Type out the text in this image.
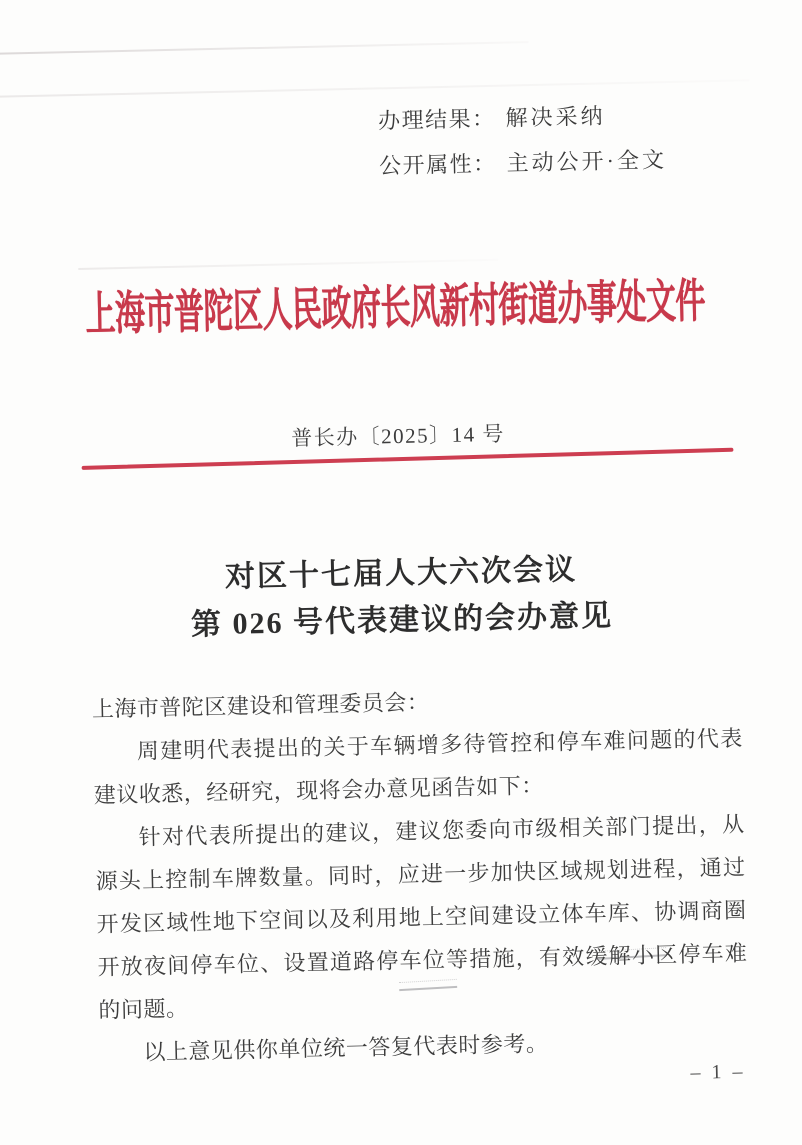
办理结果： 解决采纳
公开属性： 主动公开·全文
上海市普陀区人民政府长风新村街道办事处文件
普长办〔2025〕14 号
对区十七届人大六次会议
第 026 号代表建议的会办意见
上海市普陀区建设和管理委员会：
周建明代表提出的关于车辆增多待管控和停车难问题的代表
建议收悉，经研究，现将会办意见函告如下：
针对代表所提出的建议，建议您委向市级相关部门提出，从
源头上控制车牌数量。同时，应进一步加快区域规划进程，通过
开发区域性地下空间以及利用地上空间建设立体车库、协调商圈
开放夜间停车位、设置道路停车位等措施，有效缓解小区停车难
的问题。
以上意见供你单位统一答复代表时参考。
– 1 –
